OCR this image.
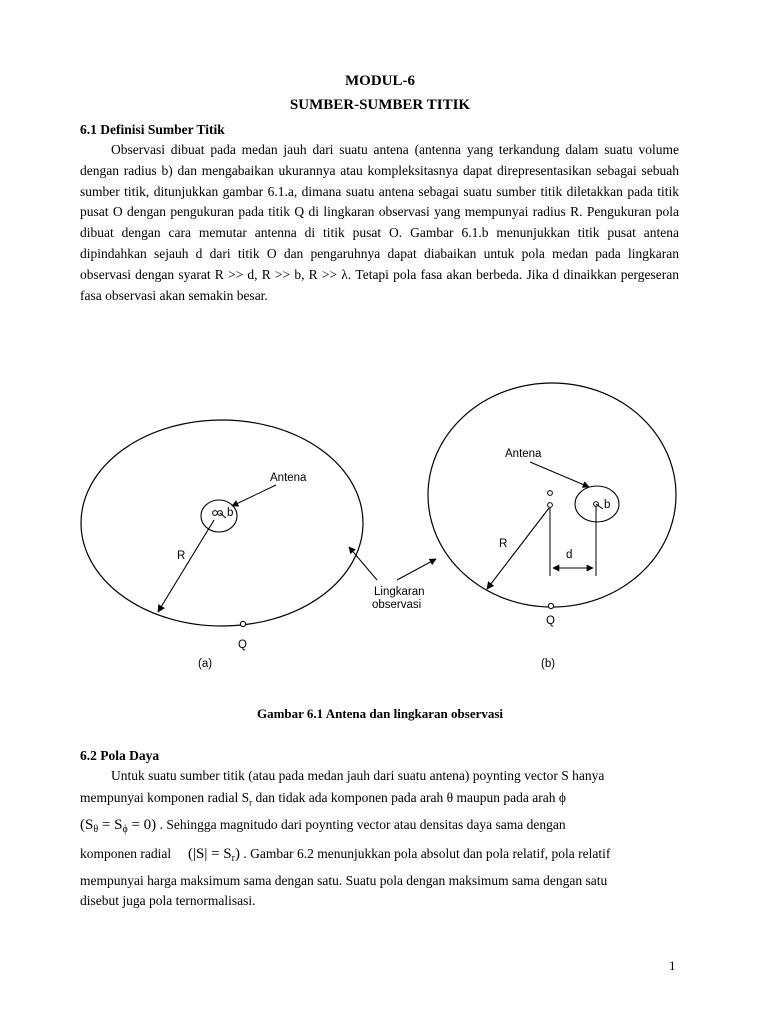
MODUL-6
SUMBER-SUMBER TITIK
6.1 Definisi Sumber Titik

Observasi dibuat pada medan jauh dari suatu antena (antenna yang terkandung dalam suatu volume dengan radius b) dan mengabaikan ukurannya atau kompleksitasnya dapat direpresentasikan sebagai sebuah sumber titik, ditunjukkan gambar 6.1.a, dimana suatu antena sebagai suatu sumber titik diletakkan pada titik pusat O dengan pengukuran pada titik Q di lingkaran observasi yang mempunyai radius R. Pengukuran pola dibuat dengan cara memutar antenna di titik pusat O. Gambar 6.1.b menunjukkan titik pusat antena dipindahkan sejauh d dari titik O dan pengaruhnya dapat diabaikan untuk pola medan pada lingkaran observasi dengan syarat R >> d, R >> b, R >> λ. Tetapi pola fasa akan berbeda. Jika d dinaikkan pergeseran fasa observasi akan semakin besar.

Antena
b
R
Q
(a)
Antena
b
R
d
Q
(b)
Lingkaran
observasi
Gambar 6.1 Antena dan lingkaran observasi
6.2 Pola Daya
Untuk suatu sumber titik (atau pada medan jauh dari suatu antena) poynting vector S hanya
mempunyai komponen radial $S_r$ dan tidak ada komponen pada arah θ maupun pada arah ϕ
$(S_\theta = S_\phi = 0)$ . Sehingga magnitudo dari poynting vector atau densitas daya sama dengan
komponen radial $(|S| = S_r)$ . Gambar 6.2 menunjukkan pola absolut dan pola relatif, pola relatif
mempunyai harga maksimum sama dengan satu. Suatu pola dengan maksimum sama dengan satu
disebut juga pola ternormalisasi.
1
